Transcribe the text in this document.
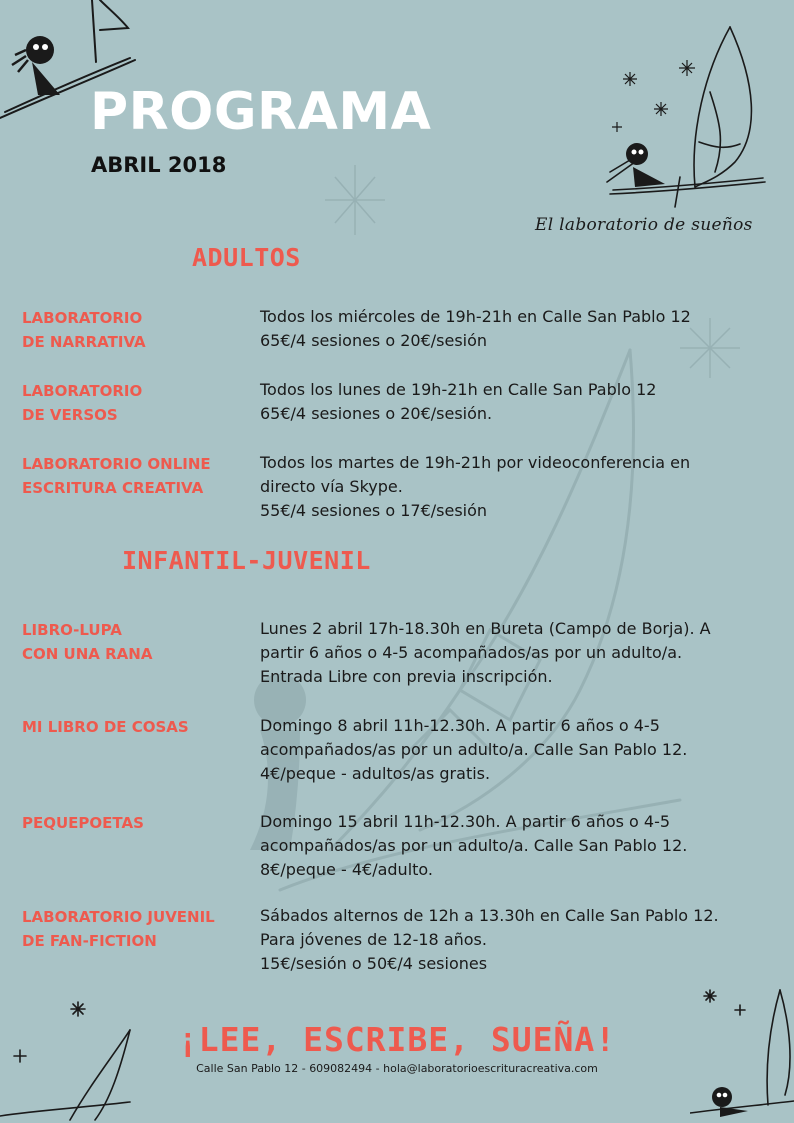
PROGRAMA
ABRIL 2018
El laboratorio de sueños
ADULTOS
LABORATORIO
DE NARRATIVA
Todos los miércoles de 19h-21h en Calle San Pablo 12
65€/4 sesiones o 20€/sesión
LABORATORIO
DE VERSOS
Todos los lunes de 19h-21h en Calle San Pablo 12
65€/4 sesiones o 20€/sesión.
LABORATORIO ONLINE
ESCRITURA CREATIVA
Todos los martes de 19h-21h por videoconferencia en
directo vía Skype.
55€/4 sesiones o 17€/sesión
INFANTIL-JUVENIL
LIBRO-LUPA
CON UNA RANA
Lunes 2 abril 17h-18.30h en Bureta (Campo de Borja). A
partir 6 años o 4-5 acompañados/as por un adulto/a.
Entrada Libre con previa inscripción.
MI LIBRO DE COSAS	Domingo 8 abril 11h-12.30h. A partir 6 años o 4-5
acompañados/as por un adulto/a. Calle San Pablo 12.
4€/peque - adultos/as gratis.
PEQUEPOETAS	Domingo 15 abril 11h-12.30h. A partir 6 años o 4-5
acompañados/as por un adulto/a. Calle San Pablo 12.
8€/peque - 4€/adulto.
LABORATORIO JUVENIL
DE FAN-FICTION
Sábados alternos de 12h a 13.30h en Calle San Pablo 12.
Para jóvenes de 12-18 años.
15€/sesión o 50€/4 sesiones

¡LEE, ESCRIBE, SUEÑA!

Calle San Pablo 12 - 609082494 - hola@laboratorioescrituracreativa.com
